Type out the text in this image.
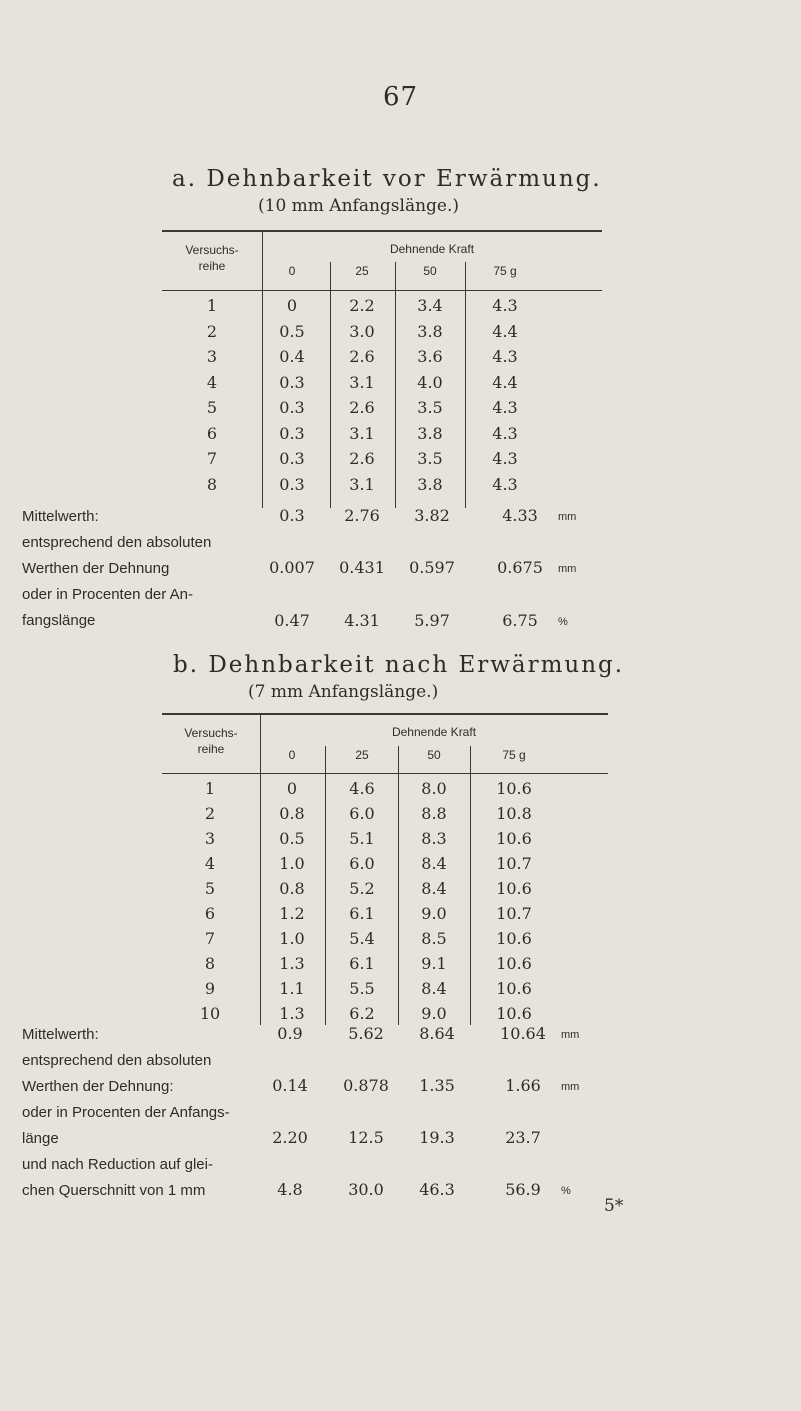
67
a. Dehnbarkeit vor Erwärmung.
(10 mm Anfangslänge.)
Versuchs-
reihe
Dehnende Kraft
0	25	50	75 g
1	0	2.2	3.4	4.3
2	0.5	3.0	3.8	4.4
3	0.4	2.6	3.6	4.3
4	0.3	3.1	4.0	4.4
5	0.3	2.6	3.5	4.3
6	0.3	3.1	3.8	4.3
7	0.3	2.6	3.5	4.3
8	0.3	3.1	3.8	4.3
Mittelwerth:	0.3	2.76	3.82	4.33	mm
entsprechend den absoluten
Werthen der Dehnung	0.007	0.431	0.597	0.675	mm
oder in Procenten der An-
fangslänge	0.47	4.31	5.97	6.75	%
b. Dehnbarkeit nach Erwärmung.
(7 mm Anfangslänge.)
Versuchs-
reihe
Dehnende Kraft
0	25	50	75 g
1	0	4.6	8.0	10.6
2	0.8	6.0	8.8	10.8
3	0.5	5.1	8.3	10.6
4	1.0	6.0	8.4	10.7
5	0.8	5.2	8.4	10.6
6	1.2	6.1	9.0	10.7
7	1.0	5.4	8.5	10.6
8	1.3	6.1	9.1	10.6
9	1.1	5.5	8.4	10.6
10	1.3	6.2	9.0	10.6
Mittelwerth:	0.9	5.62	8.64	10.64	mm
entsprechend den absoluten
Werthen der Dehnung:	0.14	0.878	1.35	1.66	mm
oder in Procenten der Anfangs-
länge	2.20	12.5	19.3	23.7
und nach Reduction auf glei-
chen Querschnitt von 1 mm	4.8	30.0	46.3	56.9	%
5*
